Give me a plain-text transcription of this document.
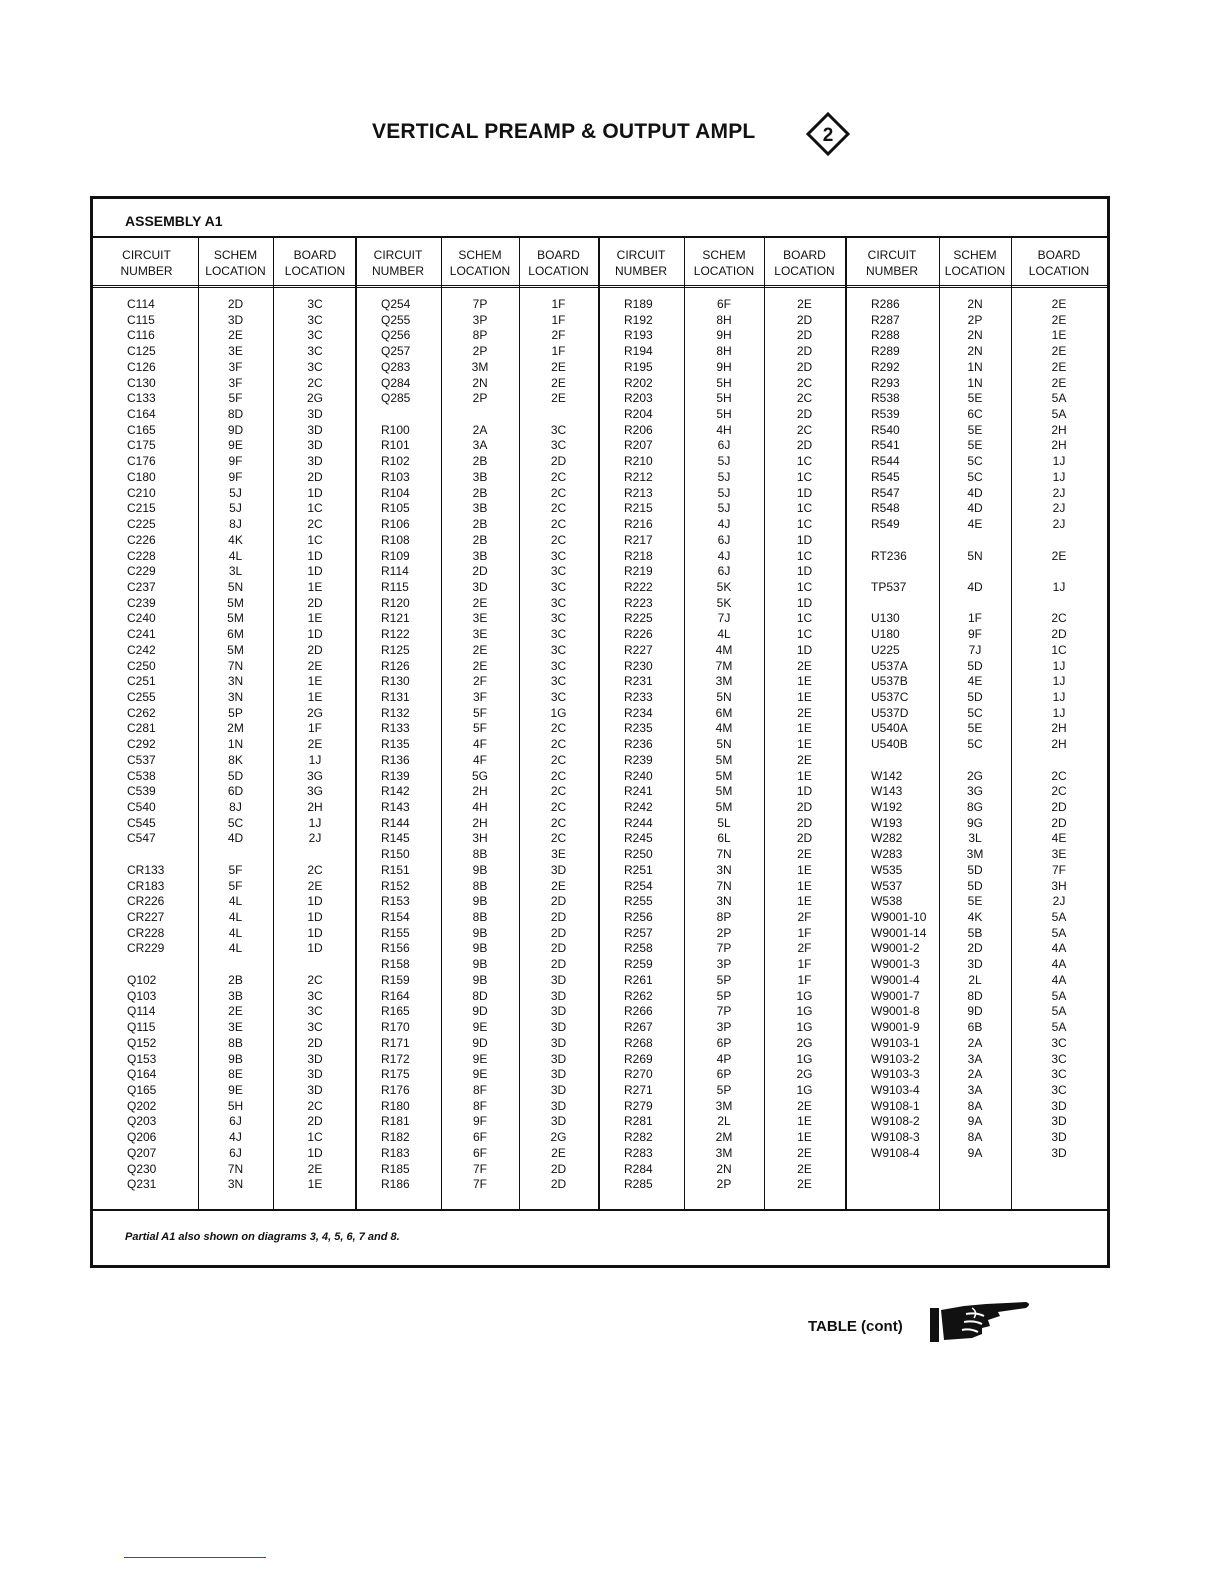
VERTICAL PREAMP & OUTPUT AMPL	2
ASSEMBLY A1
Partial A1 also shown on diagrams 3, 4, 5, 6, 7 and 8.
CIRCUIT
NUMBER
C114
C115
C116
C125
C126
C130
C133
C164
C165
C175
C176
C180
C210
C215
C225
C226
C228
C229
C237
C239
C240
C241
C242
C250
C251
C255
C262
C281
C292
C537
C538
C539
C540
C545
C547
CR133
CR183
CR226
CR227
CR228
CR229
Q102
Q103
Q114
Q115
Q152
Q153
Q164
Q165
Q202
Q203
Q206
Q207
Q230
Q231
SCHEM
LOCATION
2D
3D
2E
3E
3F
3F
5F
8D
9D
9E
9F
9F
5J
5J
8J
4K
4L
3L
5N
5M
5M
6M
5M
7N
3N
3N
5P
2M
1N
8K
5D
6D
8J
5C
4D
5F
5F
4L
4L
4L
4L
2B
3B
2E
3E
8B
9B
8E
9E
5H
6J
4J
6J
7N
3N
BOARD
LOCATION
3C
3C
3C
3C
3C
2C
2G
3D
3D
3D
3D
2D
1D
1C
2C
1C
1D
1D
1E
2D
1E
1D
2D
2E
1E
1E
2G
1F
2E
1J
3G
3G
2H
1J
2J
2C
2E
1D
1D
1D
1D
2C
3C
3C
3C
2D
3D
3D
3D
2C
2D
1C
1D
2E
1E
CIRCUIT
NUMBER
Q254
Q255
Q256
Q257
Q283
Q284
Q285
R100
R101
R102
R103
R104
R105
R106
R108
R109
R114
R115
R120
R121
R122
R125
R126
R130
R131
R132
R133
R135
R136
R139
R142
R143
R144
R145
R150
R151
R152
R153
R154
R155
R156
R158
R159
R164
R165
R170
R171
R172
R175
R176
R180
R181
R182
R183
R185
R186
SCHEM
LOCATION
7P
3P
8P
2P
3M
2N
2P
2A
3A
2B
3B
2B
3B
2B
2B
3B
2D
3D
2E
3E
3E
2E
2E
2F
3F
5F
5F
4F
4F
5G
2H
4H
2H
3H
8B
9B
8B
9B
8B
9B
9B
9B
9B
8D
9D
9E
9D
9E
9E
8F
8F
9F
6F
6F
7F
7F
BOARD
LOCATION
1F
1F
2F
1F
2E
2E
2E
3C
3C
2D
2C
2C
2C
2C
2C
3C
3C
3C
3C
3C
3C
3C
3C
3C
3C
1G
2C
2C
2C
2C
2C
2C
2C
2C
3E
3D
2E
2D
2D
2D
2D
2D
3D
3D
3D
3D
3D
3D
3D
3D
3D
3D
2G
2E
2D
2D
CIRCUIT
NUMBER
R189
R192
R193
R194
R195
R202
R203
R204
R206
R207
R210
R212
R213
R215
R216
R217
R218
R219
R222
R223
R225
R226
R227
R230
R231
R233
R234
R235
R236
R239
R240
R241
R242
R244
R245
R250
R251
R254
R255
R256
R257
R258
R259
R261
R262
R266
R267
R268
R269
R270
R271
R279
R281
R282
R283
R284
R285
SCHEM
LOCATION
6F
8H
9H
8H
9H
5H
5H
5H
4H
6J
5J
5J
5J
5J
4J
6J
4J
6J
5K
5K
7J
4L
4M
7M
3M
5N
6M
4M
5N
5M
5M
5M
5M
5L
6L
7N
3N
7N
3N
8P
2P
7P
3P
5P
5P
7P
3P
6P
4P
6P
5P
3M
2L
2M
3M
2N
2P
BOARD
LOCATION
2E
2D
2D
2D
2D
2C
2C
2D
2C
2D
1C
1C
1D
1C
1C
1D
1C
1D
1C
1D
1C
1C
1D
2E
1E
1E
2E
1E
1E
2E
1E
1D
2D
2D
2D
2E
1E
1E
1E
2F
1F
2F
1F
1F
1G
1G
1G
2G
1G
2G
1G
2E
1E
1E
2E
2E
2E
CIRCUIT
NUMBER
R286
R287
R288
R289
R292
R293
R538
R539
R540
R541
R544
R545
R547
R548
R549
RT236
TP537
U130
U180
U225
U537A
U537B
U537C
U537D
U540A
U540B
W142
W143
W192
W193
W282
W283
W535
W537
W538
W9001-10
W9001-14
W9001-2
W9001-3
W9001-4
W9001-7
W9001-8
W9001-9
W9103-1
W9103-2
W9103-3
W9103-4
W9108-1
W9108-2
W9108-3
W9108-4
SCHEM
LOCATION
2N
2P
2N
2N
1N
1N
5E
6C
5E
5E
5C
5C
4D
4D
4E
5N
4D
1F
9F
7J
5D
4E
5D
5C
5E
5C
2G
3G
8G
9G
3L
3M
5D
5D
5E
4K
5B
2D
3D
2L
8D
9D
6B
2A
3A
2A
3A
8A
9A
8A
9A
BOARD
LOCATION
2E
2E
1E
2E
2E
2E
5A
5A
2H
2H
1J
1J
2J
2J
2J
2E
1J
2C
2D
1C
1J
1J
1J
1J
2H
2H
2C
2C
2D
2D
4E
3E
7F
3H
2J
5A
5A
4A
4A
4A
5A
5A
5A
3C
3C
3C
3C
3D
3D
3D
3D
TABLE (cont)
